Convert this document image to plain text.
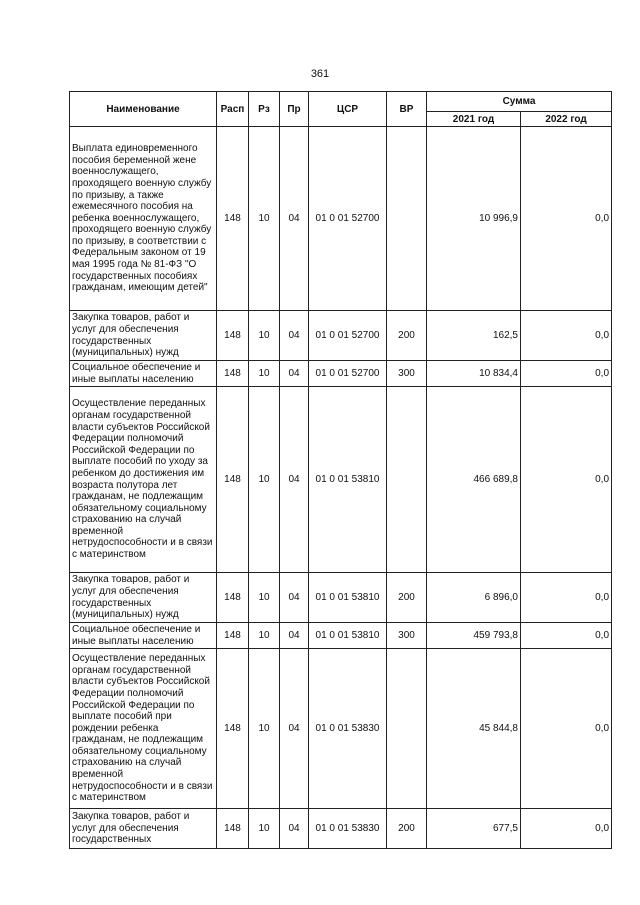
361
Наименование	Расп	Рз	Пр	ЦСР	ВР	Сумма	
						2021 год	2022 год
Выплата единовременного пособия беременной жене военнослужащего, проходящего военную службу по призыву, а также ежемесячного пособия на ребенка военнослужащего, проходящего военную службу по призыву, в соответствии с Федеральным законом от 19 мая 1995 года № 81-ФЗ "О государственных пособиях гражданам, имеющим детей"	148	10	04	01 0 01 52700		10 996,9	0,0
Закупка товаров, работ и услуг для обеспечения государственных (муниципальных) нужд	148	10	04	01 0 01 52700	200	162,5	0,0
Социальное обеспечение и иные выплаты населению	148	10	04	01 0 01 52700	300	10 834,4	0,0
Осуществление переданных органам государственной власти субъектов Российской Федерации полномочий Российской Федерации по выплате пособий по уходу за ребенком до достижения им возраста полутора лет гражданам, не подлежащим обязательному социальному страхованию на случай временной нетрудоспособности и в связи с материнством	148	10	04	01 0 01 53810		466 689,8	0,0
Закупка товаров, работ и услуг для обеспечения государственных (муниципальных) нужд	148	10	04	01 0 01 53810	200	6 896,0	0,0
Социальное обеспечение и иные выплаты населению	148	10	04	01 0 01 53810	300	459 793,8	0,0
Осуществление переданных органам государственной власти субъектов Российской Федерации полномочий Российской Федерации по выплате пособий при рождении ребенка гражданам, не подлежащим обязательному социальному страхованию на случай временной нетрудоспособности и в связи с материнством	148	10	04	01 0 01 53830		45 844,8	0,0
Закупка товаров, работ и услуг для обеспечения государственных	148	10	04	01 0 01 53830	200	677,5	0,0
